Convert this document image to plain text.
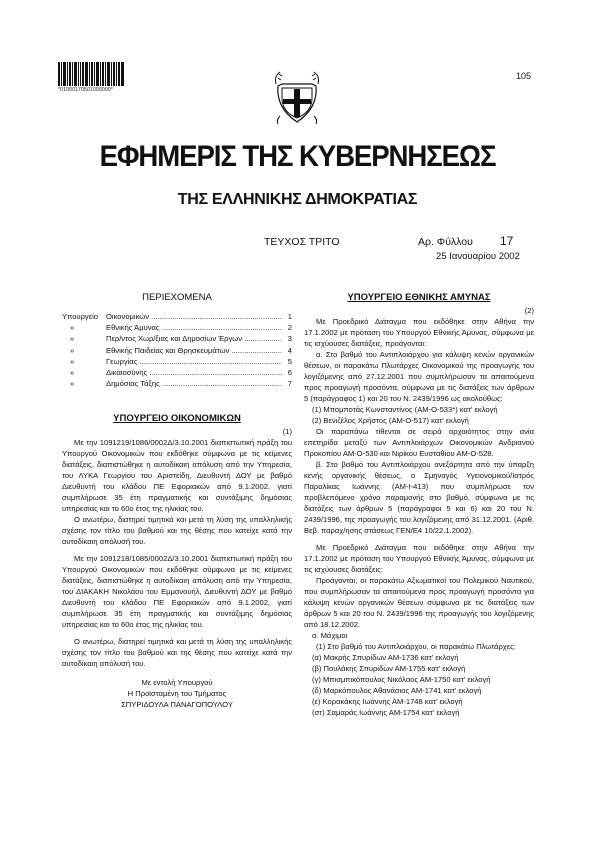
*01000170501000000*
105
ΕΦΗΜΕΡΙΣ ΤΗΣ ΚΥΒΕΡΝΗΣΕΩΣ
ΤΗΣ ΕΛΛΗΝΙΚΗΣ ΔΗΜΟΚΡΑΤΙΑΣ
ΤΕΥΧΟΣ ΤΡΙΤΟ	Αρ. Φύλλου 17
25 Ιανουαρίου 2002
ΠΕΡΙΕΧΟΜΕΝΑ
Υπουργείο	Οικονομικών .....	1
»	Εθνικής Άμυνας .....	2
»	Περ/ντος Χωρ/ξιας και Δημοσίων Έργων .....	3
»	Εθνικής Παιδείας και Θρησκευμάτων .....	4
»	Γεωργίας .....	5
»	Δικαιοσύνης .....	6
»	Δημόσιας Τάξης .....	7
ΥΠΟΥΡΓΕΙΟ ΟΙΚΟΝΟΜΙΚΩΝ
(1)

Με την 1091219/1086/0002Δ/3.10.2001 διαπιστωτική πράξη του Υπουργού Οικονομικών που εκδόθηκε σύμφωνα με τις κείμενες διατάξεις, διαπιστώθηκε η αυτοδίκαιη απόλυση από την Υπηρεσία, του ΛΥΚΑ Γεωργίου του Αριστείδη, Διευθυντή ΔΟΥ με βαθμό Διευθυντή του κλάδου ΠΕ Εφοριακών από 9.1.2002, γιατί συμπλήρωσε 35 έτη πραγματικής και συντάξιμης δημόσιας υπηρεσίας και το 60ο έτος της ηλικίας του.

Ο ανωτέρω, διατηρεί τιμητικά και μετά τη λύση της υπαλληλικής σχέσης τον τίτλο του βαθμού και της θέσης που κατείχε κατά την αυτοδίκαιη απόλυσή του.

Με την 1091218/1085/0002Δ/3.10.2001 διαπιστωτική πράξη του Υπουργού Οικονομικών που εκδόθηκε σύμφωνα με τις κείμενες διατάξεις, διαπιστώθηκε η αυτοδίκαιη απόλυση από την Υπηρεσία, του ΔΙΑΚΑΚΗ Νικολάου του Εμμανουήλ, Διευθυντή ΔΟΥ με βαθμό Διευθυντή του κλάδου ΠΕ Εφοριακών από 9.1.2002, γιατί συμπλήρωσε 35 έτη πραγματικής και συντάξιμης δημόσιας υπηρεσίας και το 60ο έτος της ηλικίας του.

Ο ανωτέρω, διατηρεί τιμητικά και μετά τη λύση της υπαλληλικής σχέσης τον τίτλο του βαθμού και της θέσης που κατείχε κατά την αυτοδίκαιη απόλυσή του.

Με εντολή Υπουργού
Η Προϊσταμένη του Τμήματος
ΣΠΥΡΙΔΟΥΛΑ ΠΑΝΑΓΟΠΟΥΛΟΥ
ΥΠΟΥΡΓΕΙΟ ΕΘΝΙΚΗΣ ΑΜΥΝΑΣ
(2)

Με Προεδρικό Διάταγμα που εκδόθηκε στην Αθήνα την 17.1.2002 με πρόταση του Υπουργού Εθνικής Άμυνας, σύμφωνα με τις ισχύουσες διατάξεις, προάγονται:

α. Στο βαθμό του Αντιπλοιάρχου για κάλυψη κενών οργανικών θέσεων, οι παρακάτω Πλωτάρχες Οικονομικού της προαγωγής του λογιζόμενης από 27.12.2001 που συμπλήρωσαν τα απαιτούμενα προς προαγωγή προσόντα, σύμφωνα με τις διατάξεις των άρθρων 5 (παράγραφος 1) και 20 του Ν. 2439/1996 ως ακολούθως:

(1) Μπομποτάς Κωνσταντίνος (ΑΜ-Ο-533*) κατ' εκλογή
(2) Βενιζέλος Χρήστος (ΑΜ-Ο-517) κατ' εκλογή

Οι παραπάνω τίθενται σε σειρά αρχαιότητος στην ανία επετηρίδα μεταξύ των Αντιπλοιάρχων Οικονομικών Ανδριανού Προκοπίου ΑΜ-Ο-530 και Νιρίκου Ευσταθίου ΑΜ-Ο-528.

β. Στο βαθμό του Αντιπλοιάρχου ανεξάρτητα από την ύπαρξη κενής οργανικής θέσεως, ο Σμηναγός Υγειονομικού/Ιατρός Παραλίκας Ιωάννης (ΑΜ-Ι-413) που συμπλήρωσε τον προβλεπόμενο χρόνο παραμονής στο βαθμό, σύμφωνα με τις διατάξεις των άρθρων 5 (παράγραφοι 5 και 6) και 20 του Ν. 2439/1996, της προαγωγής του λογιζόμενης από 31.12.2001. (Αριθ. Βεβ. παραχ/ησης στάσεως ΓΕΝ/Ε4 10/22.1.2002).

Με Προεδρικό Διάταγμα που εκδόθηκε στην Αθήνα την 17.1.2002 με πρόταση του Υπουργού Εθνικής Άμυνας, σύμφωνα με τις ισχύουσες διατάξεις:

Προάγονται, οι παρακάτω Αξιωματικοί του Πολεμικού Ναυτικού, που συμπλήρωσαν τα απαιτούμενα προς προαγωγή προσόντα για κάλυψη κενών οργανικών θέσεων σύμφωνα με τις διατάξεις των άρθρων 5 και 20 του Ν. 2439/1996 της προαγωγής του λογιζόμενης από 18.12.2002.

α. Μάχιμοι

(1) Στο βαθμό του Αντιπλοιάρχου, οι παρακάτω Πλωτάρχες:

(α) Μακρής Σπυρίδων ΑΜ-1736 κατ' εκλογή
(β) Πουλάκης Σπυρίδων ΑΜ-1755 κατ' εκλογή
(γ) Μπισμπικόπουλος Νικόλαος ΑΜ-1750 κατ' εκλογή
(δ) Μαρκόπουλος Αθανάσιος ΑΜ-1741 κατ' εκλογή
(ε) Κορακάκης Ιωάννης ΑΜ-1748 κατ' εκλογή
(στ) Σαμαράς Ιωάννης ΑΜ-1754 κατ' εκλογή
